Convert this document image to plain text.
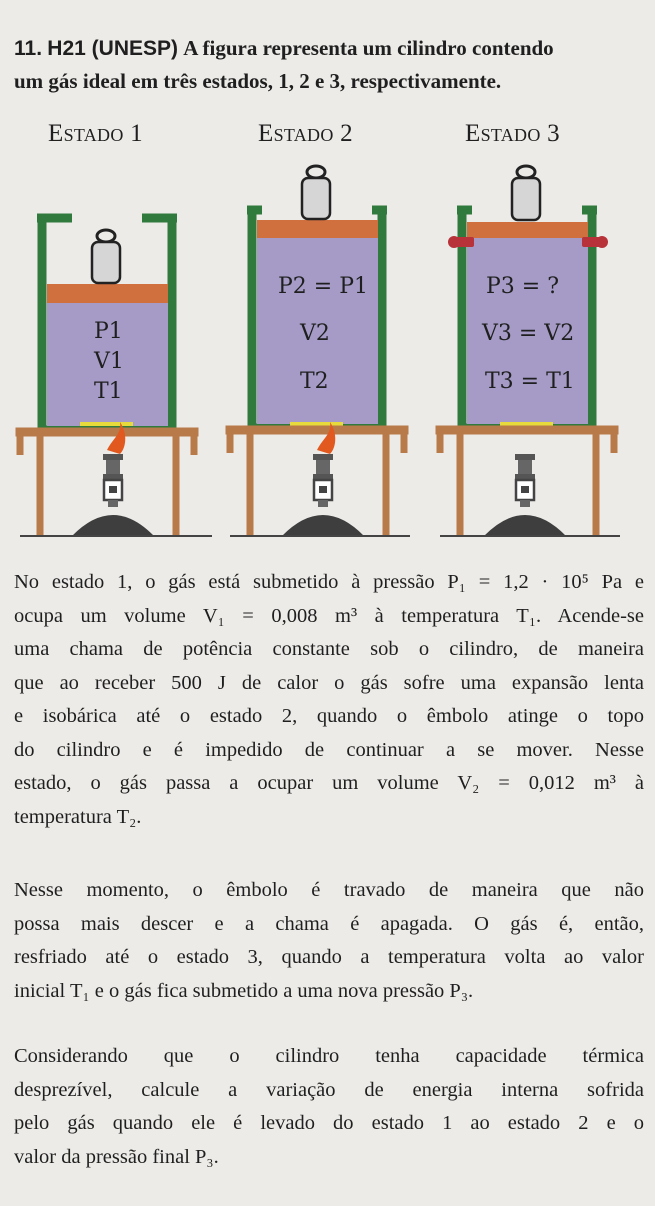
11. H21 (UNESP) A figura representa um cilindro contendo
um gás ideal em três estados, 1, 2 e 3, respectivamente.
Estado 1	Estado 2	Estado 3
P1
V1
T1
P2 = P1
V2
T2
P3 = ?
V3 = V2
T3 = T1
No estado 1, o gás está submetido à pressão P₁ = 1,2 · 10⁵ Pa e
ocupa um volume V₁ = 0,008 m³ à temperatura T₁. Acende-se
uma chama de potência constante sob o cilindro, de maneira
que ao receber 500 J de calor o gás sofre uma expansão lenta
e isobárica até o estado 2, quando o êmbolo atinge o topo
do cilindro e é impedido de continuar a se mover. Nesse
estado, o gás passa a ocupar um volume V₂ = 0,012 m³ à
temperatura T₂.
Nesse momento, o êmbolo é travado de maneira que não
possa mais descer e a chama é apagada. O gás é, então,
resfriado até o estado 3, quando a temperatura volta ao valor
inicial T₁ e o gás fica submetido a uma nova pressão P₃.
Considerando que o cilindro tenha capacidade térmica
desprezível, calcule a variação de energia interna sofrida
pelo gás quando ele é levado do estado 1 ao estado 2 e o
valor da pressão final P₃.
